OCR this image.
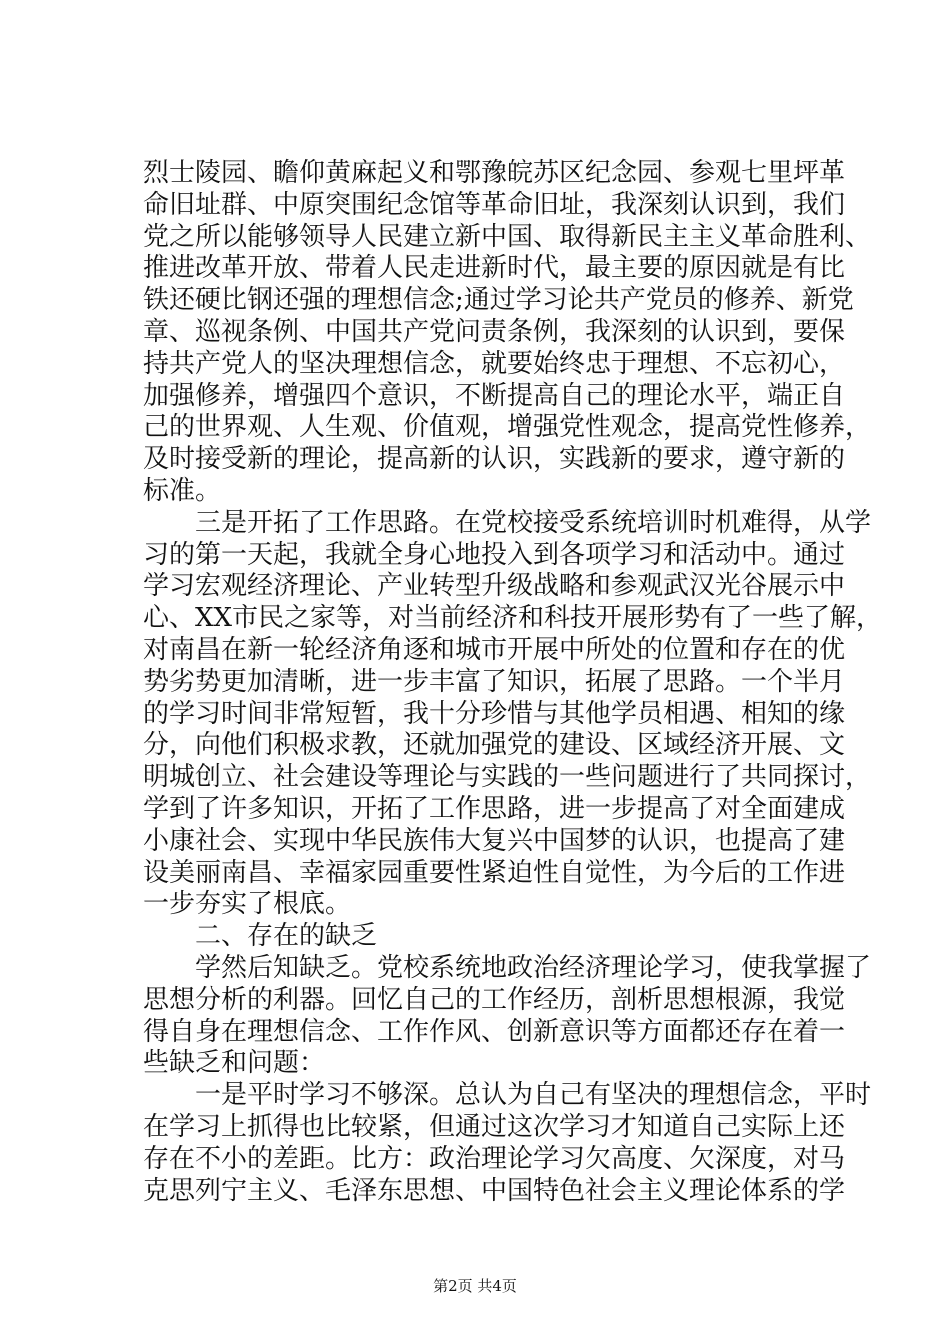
烈士陵园、瞻仰黄麻起义和鄂豫皖苏区纪念园、参观七里坪革
命旧址群、中原突围纪念馆等革命旧址，我深刻认识到，我们
党之所以能够领导人民建立新中国、取得新民主主义革命胜利、
推进改革开放、带着人民走进新时代，最主要的原因就是有比
铁还硬比钢还强的理想信念;通过学习论共产党员的修养、新党
章、巡视条例、中国共产党问责条例，我深刻的认识到，要保
持共产党人的坚决理想信念，就要始终忠于理想、不忘初心，
加强修养，增强四个意识，不断提高自己的理论水平，端正自
己的世界观、人生观、价值观，增强党性观念，提高党性修养，
及时接受新的理论，提高新的认识，实践新的要求，遵守新的
标准。
三是开拓了工作思路。在党校接受系统培训时机难得，从学
习的第一天起，我就全身心地投入到各项学习和活动中。通过
学习宏观经济理论、产业转型升级战略和参观武汉光谷展示中
心、XX市民之家等，对当前经济和科技开展形势有了一些了解，
对南昌在新一轮经济角逐和城市开展中所处的位置和存在的优
势劣势更加清晰，进一步丰富了知识，拓展了思路。一个半月
的学习时间非常短暂，我十分珍惜与其他学员相遇、相知的缘
分，向他们积极求教，还就加强党的建设、区域经济开展、文
明城创立、社会建设等理论与实践的一些问题进行了共同探讨，
学到了许多知识，开拓了工作思路，进一步提高了对全面建成
小康社会、实现中华民族伟大复兴中国梦的认识，也提高了建
设美丽南昌、幸福家园重要性紧迫性自觉性，为今后的工作进
一步夯实了根底。
二、存在的缺乏
学然后知缺乏。党校系统地政治经济理论学习，使我掌握了
思想分析的利器。回忆自己的工作经历，剖析思想根源，我觉
得自身在理想信念、工作作风、创新意识等方面都还存在着一
些缺乏和问题：
一是平时学习不够深。总认为自己有坚决的理想信念，平时
在学习上抓得也比较紧，但通过这次学习才知道自己实际上还
存在不小的差距。比方：政治理论学习欠高度、欠深度，对马
克思列宁主义、毛泽东思想、中国特色社会主义理论体系的学
第2页 共4页
